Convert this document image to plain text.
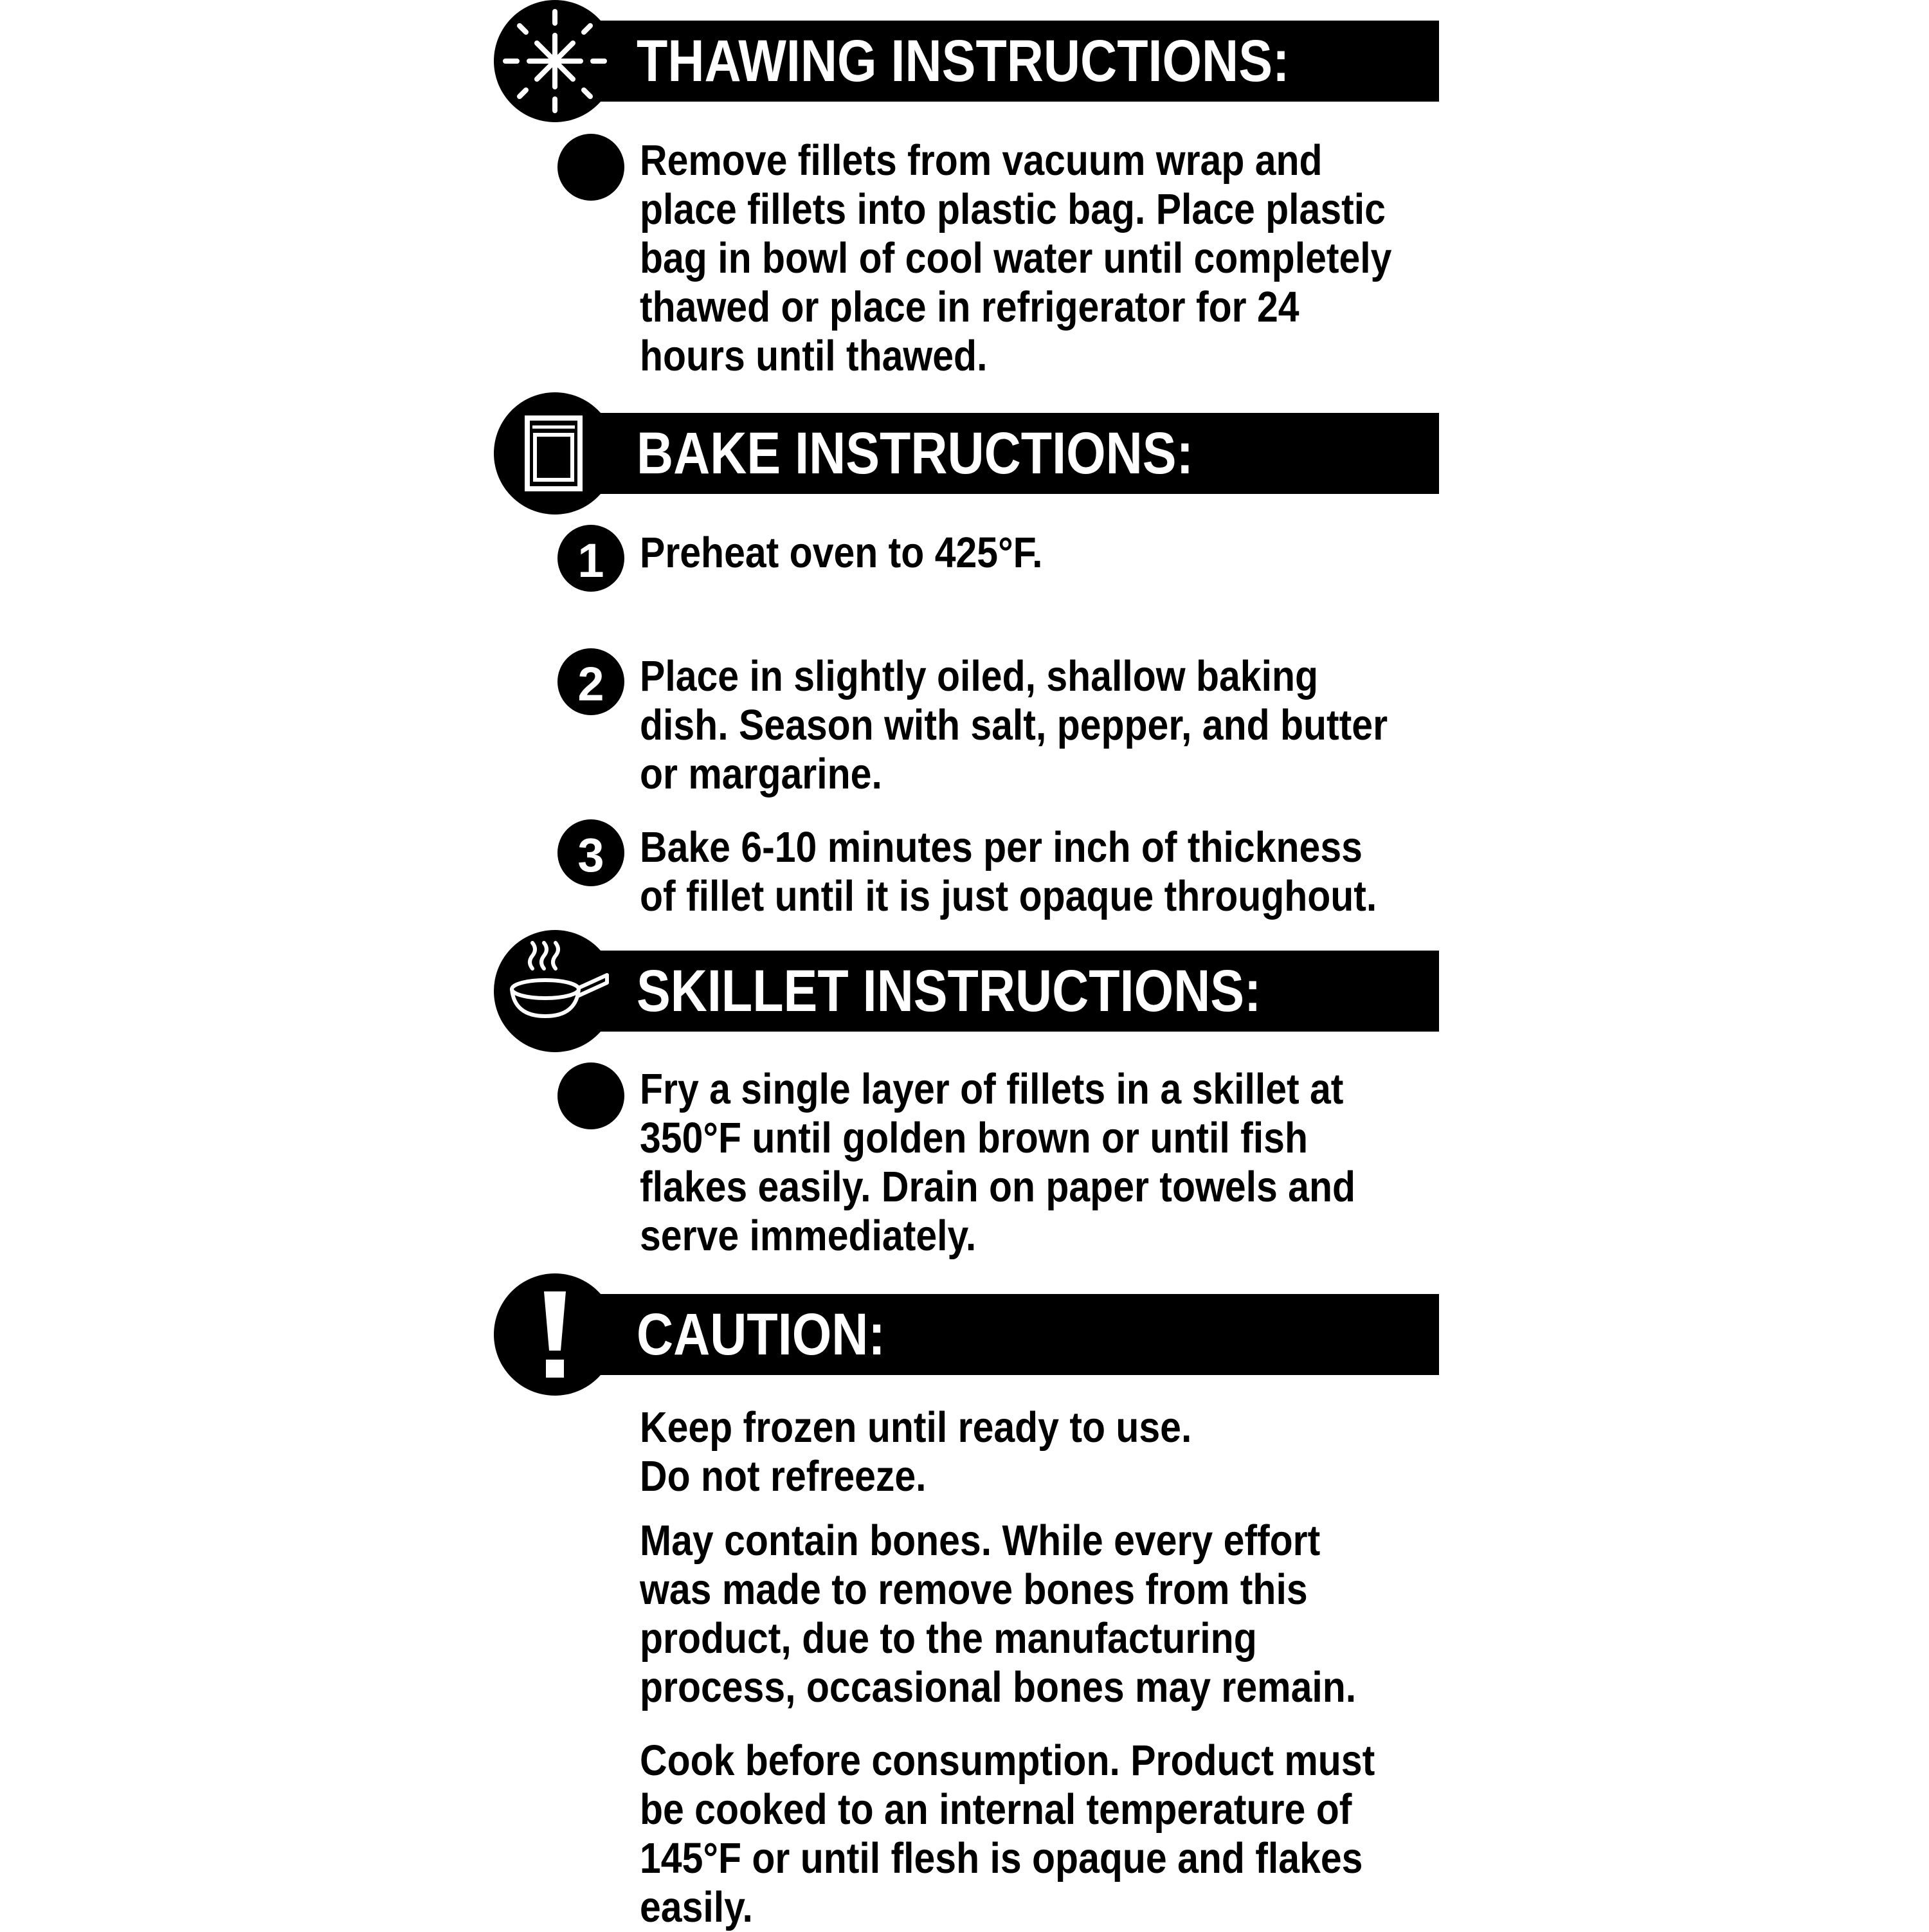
THAWING INSTRUCTIONS:
Remove fillets from vacuum wrap and
place fillets into plastic bag. Place plastic
bag in bowl of cool water until completely
thawed or place in refrigerator for 24
hours until thawed.
BAKE INSTRUCTIONS:
1 Preheat oven to 425°F.
2 Place in slightly oiled, shallow baking
dish. Season with salt, pepper, and butter
or margarine.
3 Bake 6-10 minutes per inch of thickness
of fillet until it is just opaque throughout.
SKILLET INSTRUCTIONS:
Fry a single layer of fillets in a skillet at
350°F until golden brown or until fish
flakes easily. Drain on paper towels and
serve immediately.
CAUTION:
Keep frozen until ready to use.
Do not refreeze.
May contain bones. While every effort
was made to remove bones from this
product, due to the manufacturing
process, occasional bones may remain.
Cook before consumption. Product must
be cooked to an internal temperature of
145°F or until flesh is opaque and flakes
easily.
